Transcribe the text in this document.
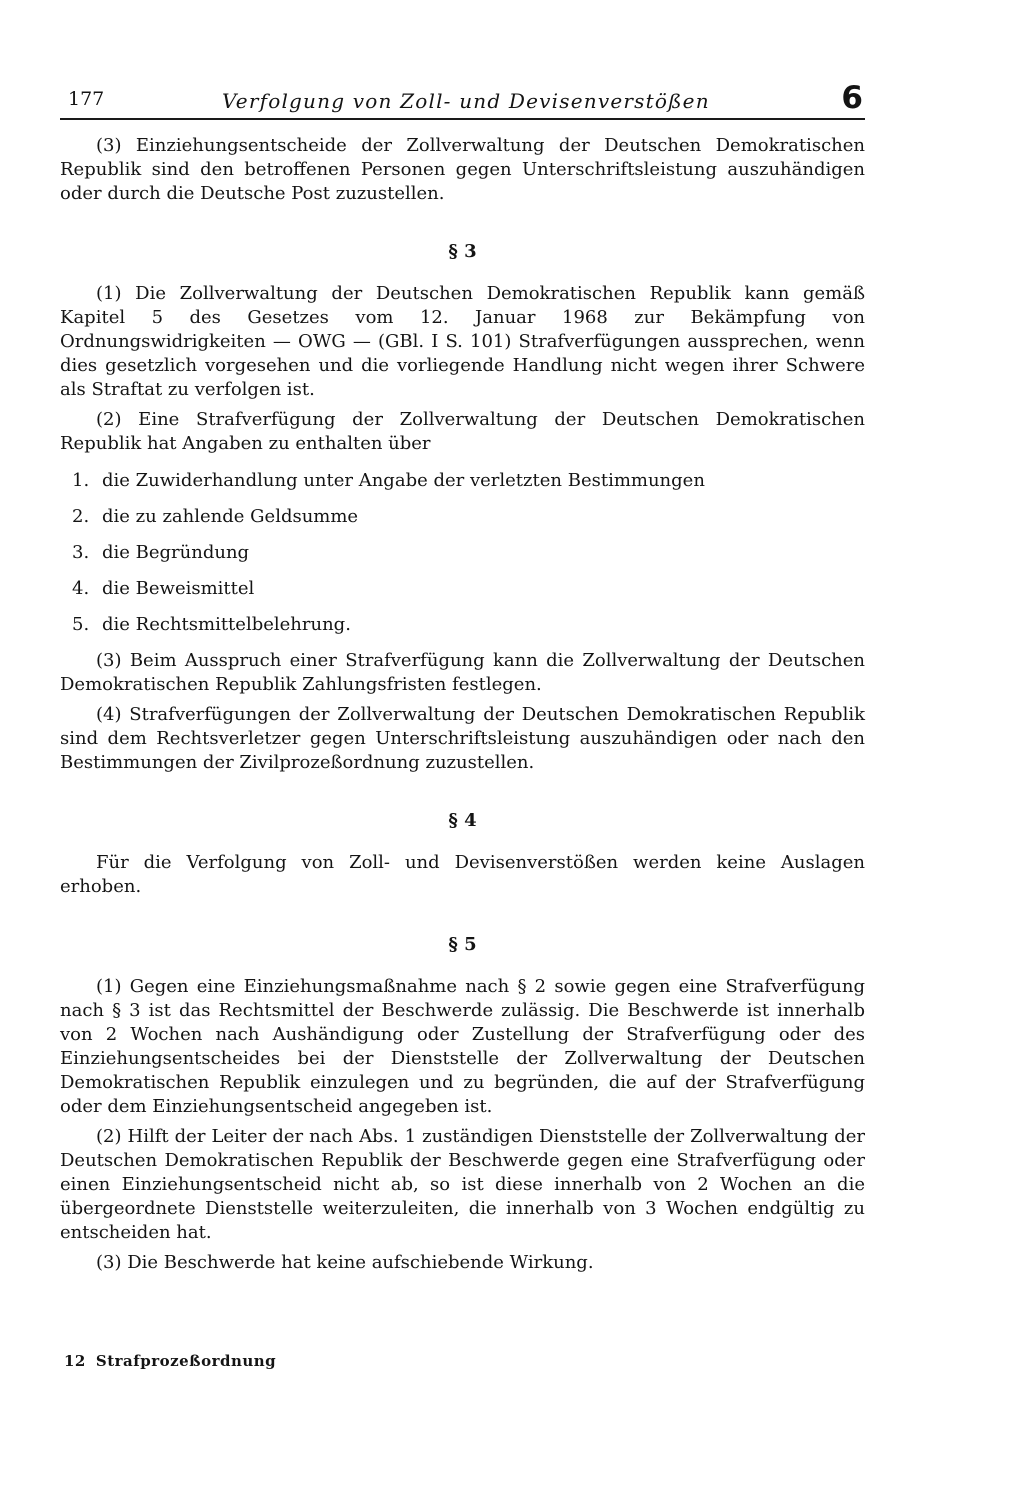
177	Verfolgung von Zoll- und Devisenverstößen	6

(3) Einziehungsentscheide der Zollverwaltung der Deutschen Demokratischen Republik sind den betroffenen Personen gegen Unterschriftsleistung auszuhändigen oder durch die Deutsche Post zuzustellen.

§ 3

(1) Die Zollverwaltung der Deutschen Demokratischen Republik kann gemäß Kapitel 5 des Gesetzes vom 12. Januar 1968 zur Bekämpfung von Ordnungswidrigkeiten — OWG — (GBl. I S. 101) Strafverfügungen aussprechen, wenn dies gesetzlich vorgesehen und die vorliegende Handlung nicht wegen ihrer Schwere als Straftat zu verfolgen ist.

(2) Eine Strafverfügung der Zollverwaltung der Deutschen Demokratischen Republik hat Angaben zu enthalten über

1. die Zuwiderhandlung unter Angabe der verletzten Bestimmungen
2. die zu zahlende Geldsumme
3. die Begründung
4. die Beweismittel
5. die Rechtsmittelbelehrung.

(3) Beim Ausspruch einer Strafverfügung kann die Zollverwaltung der Deutschen Demokratischen Republik Zahlungsfristen festlegen.

(4) Strafverfügungen der Zollverwaltung der Deutschen Demokratischen Republik sind dem Rechtsverletzer gegen Unterschriftsleistung auszuhändigen oder nach den Bestimmungen der Zivilprozeßordnung zuzustellen.

§ 4

Für die Verfolgung von Zoll- und Devisenverstößen werden keine Auslagen erhoben.

§ 5

(1) Gegen eine Einziehungsmaßnahme nach § 2 sowie gegen eine Strafverfügung nach § 3 ist das Rechtsmittel der Beschwerde zulässig. Die Beschwerde ist innerhalb von 2 Wochen nach Aushändigung oder Zustellung der Strafverfügung oder des Einziehungsentscheides bei der Dienststelle der Zollverwaltung der Deutschen Demokratischen Republik einzulegen und zu begründen, die auf der Strafverfügung oder dem Einziehungsentscheid angegeben ist.

(2) Hilft der Leiter der nach Abs. 1 zuständigen Dienststelle der Zollverwaltung der Deutschen Demokratischen Republik der Beschwerde gegen eine Strafverfügung oder einen Einziehungsentscheid nicht ab, so ist diese innerhalb von 2 Wochen an die übergeordnete Dienststelle weiterzuleiten, die innerhalb von 3 Wochen endgültig zu entscheiden hat.

(3) Die Beschwerde hat keine aufschiebende Wirkung.

12 Strafprozeßordnung
